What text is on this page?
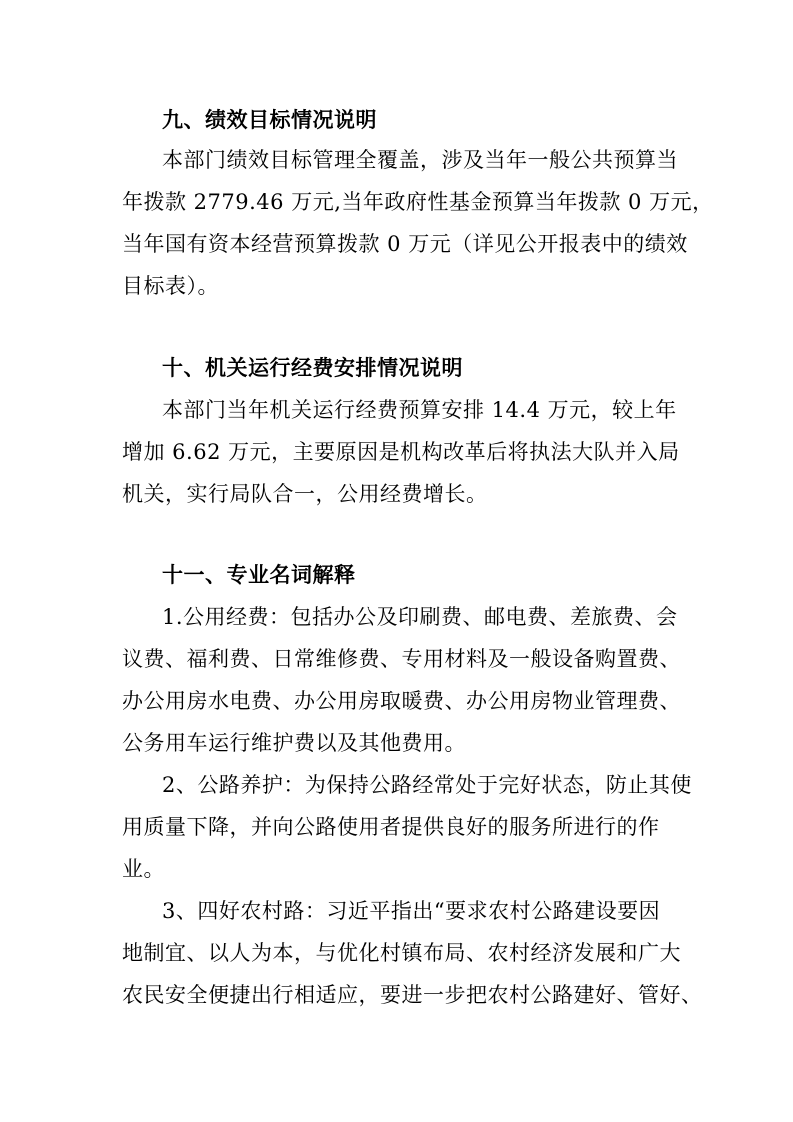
九、绩效目标情况说明
本部门绩效目标管理全覆盖，涉及当年一般公共预算当
年拨款 2779.46 万元,当年政府性基金预算当年拨款 0 万元，
当年国有资本经营预算拨款 0 万元（详见公开报表中的绩效
目标表）。
十、机关运行经费安排情况说明
本部门当年机关运行经费预算安排 14.4 万元，较上年
增加 6.62 万元，主要原因是机构改革后将执法大队并入局
机关，实行局队合一，公用经费增长。
十一、专业名词解释
1.公用经费：包括办公及印刷费、邮电费、差旅费、会
议费、福利费、日常维修费、专用材料及一般设备购置费、
办公用房水电费、办公用房取暖费、办公用房物业管理费、
公务用车运行维护费以及其他费用。
2、公路养护：为保持公路经常处于完好状态，防止其使
用质量下降，并向公路使用者提供良好的服务所进行的作
业。
3、四好农村路：习近平指出“要求农村公路建设要因
地制宜、以人为本，与优化村镇布局、农村经济发展和广大
农民安全便捷出行相适应，要进一步把农村公路建好、管好、
